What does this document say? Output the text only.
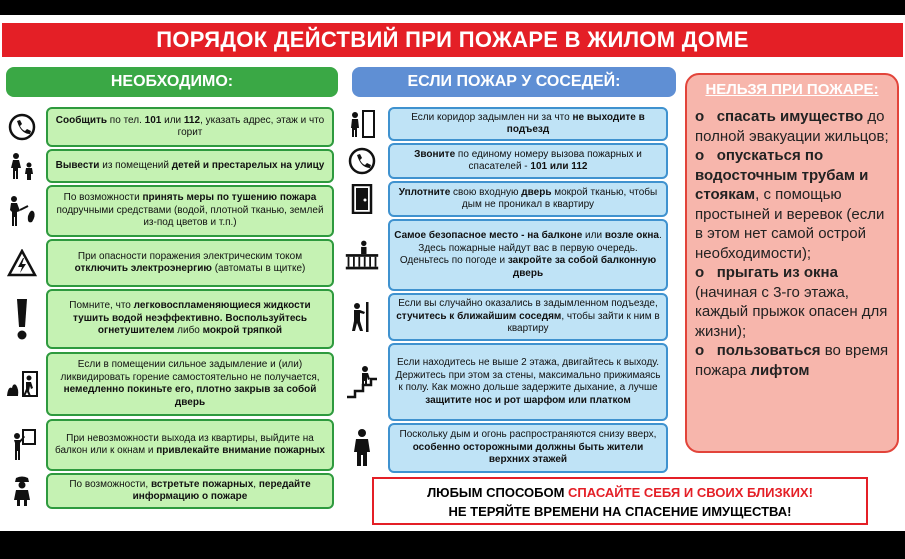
ПОРЯДОК ДЕЙСТВИЙ ПРИ ПОЖАРЕ В ЖИЛОМ ДОМЕ
НЕОБХОДИМО:
Сообщить по тел. 101 или 112, указать адрес, этаж и что горит
Вывести из помещений детей и престарелых на улицу
По возможности принять меры по тушению пожара подручными средствами (водой, плотной тканью, землей из-под цветов и т.п.)
При опасности поражения электрическим током отключить электроэнергию (автоматы в щитке)
Помните, что легковоспламеняющиеся жидкости тушить водой неэффективно. Воспользуйтесь огнетушителем либо мокрой тряпкой
Если в помещении сильное задымление и (или) ликвидировать горение самостоятельно не получается, немедленно покиньте его, плотно закрыв за собой дверь
При невозможности выхода из квартиры, выйдите на балкон или к окнам и привлекайте внимание пожарных
По возможности, встретьте пожарных, передайте информацию о пожаре
ЕСЛИ ПОЖАР У СОСЕДЕЙ:
Если коридор задымлен ни за что не выходите в подъезд
Звоните по единому номеру вызова пожарных и спасателей - 101 или 112
Уплотните свою входную дверь мокрой тканью, чтобы дым не проникал в квартиру
Самое безопасное место - на балконе или возле окна. Здесь пожарные найдут вас в первую очередь. Оденьтесь по погоде и закройте за собой балконную дверь
Если вы случайно оказались в задымленном подъезде, стучитесь к ближайшим соседям, чтобы зайти к ним в квартиру
Если находитесь не выше 2 этажа, двигайтесь к выходу. Держитесь при этом за стены, максимально прижимаясь к полу. Как можно дольше задержите дыхание, а лучше защитите нос и рот шарфом или платком
Поскольку дым и огонь распространяются снизу вверх, особенно осторожными должны быть жители верхних этажей
НЕЛЬЗЯ ПРИ ПОЖАРЕ:

o спасать имущество до полной эвакуации жильцов;

o опускаться по водосточным трубам и стоякам, с помощью простыней и веревок (если в этом нет самой острой необходимости);

o прыгать из окна (начиная с 3-го этажа, каждый прыжок опасен для жизни);

o пользоваться во время пожара лифтом

ЛЮБЫМ СПОСОБОМ СПАСАЙТЕ СЕБЯ И СВОИХ БЛИЗКИХ!
НЕ ТЕРЯЙТЕ ВРЕМЕНИ НА СПАСЕНИЕ ИМУЩЕСТВА!
